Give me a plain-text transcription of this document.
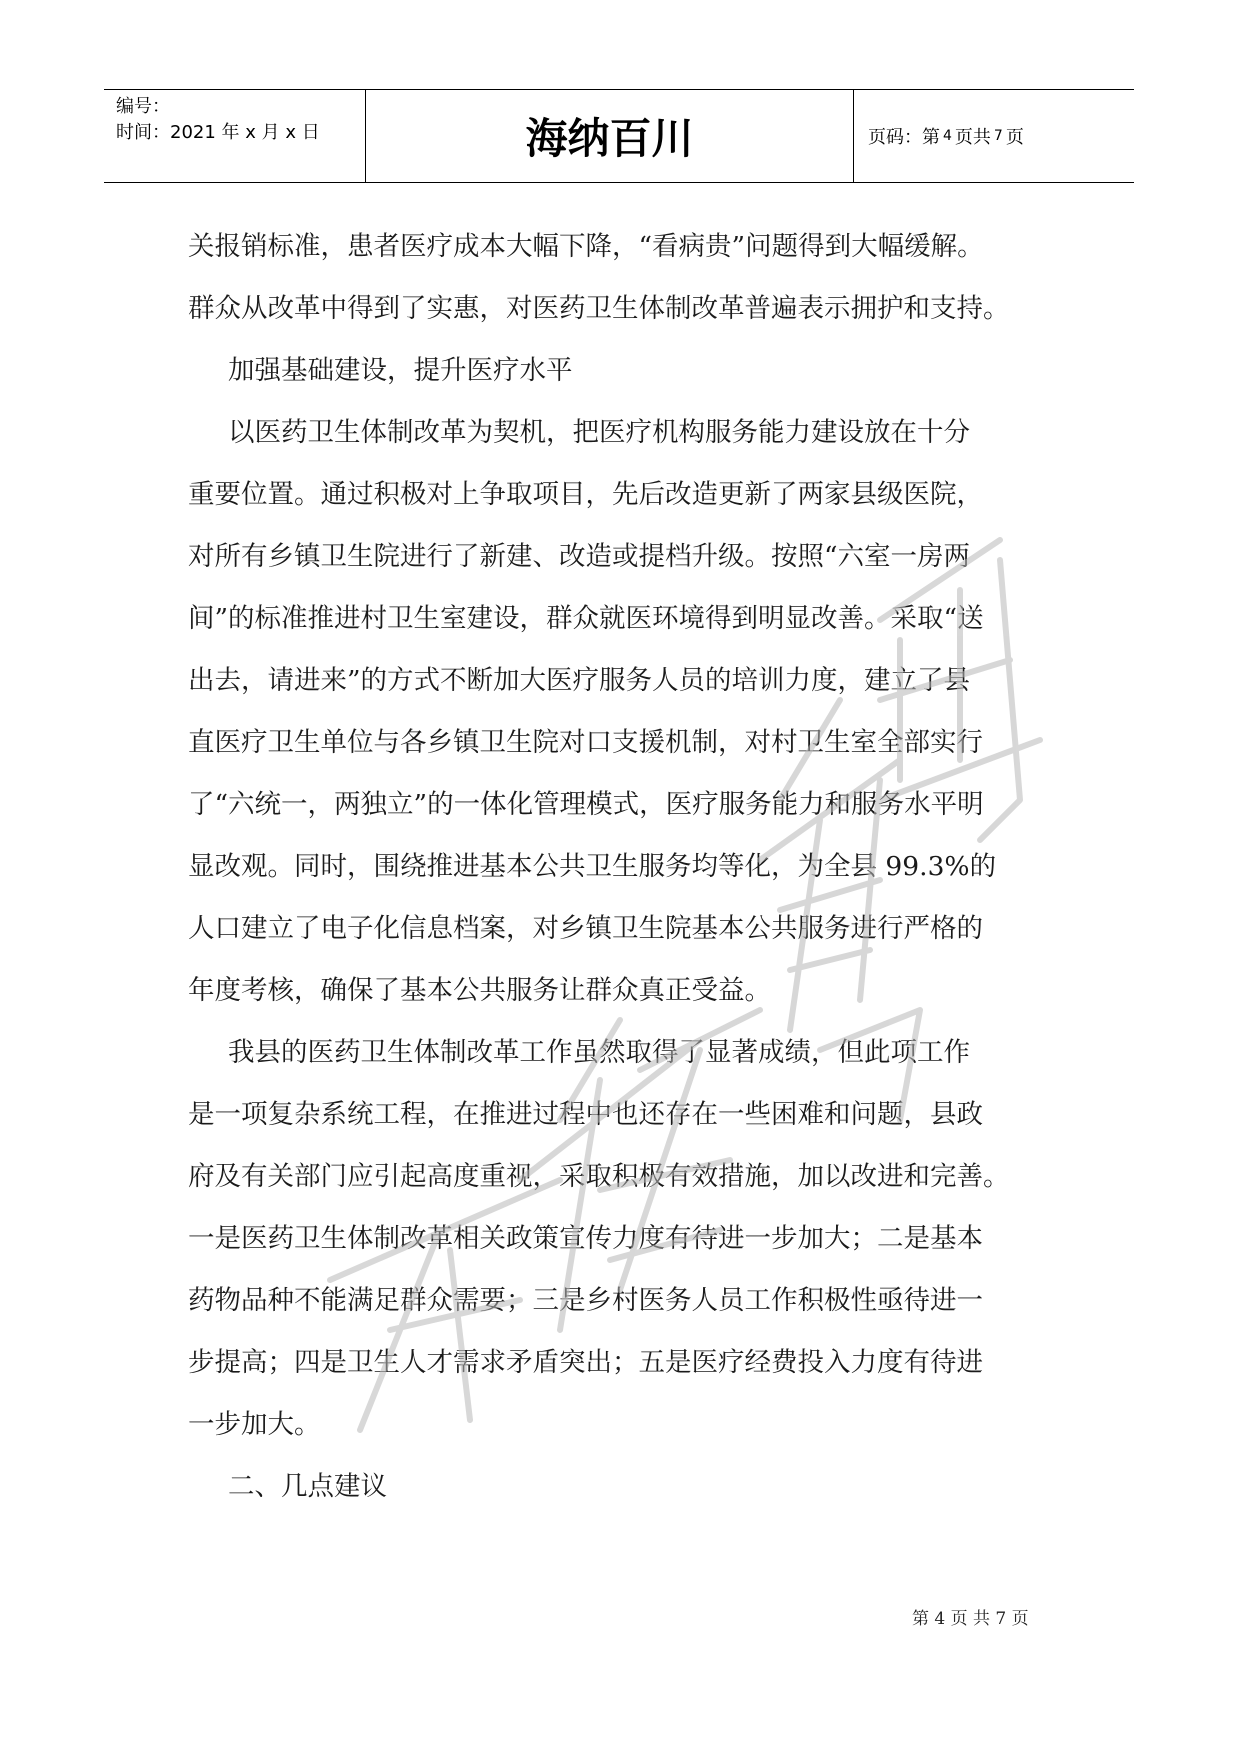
编号：
时间：2021 年 x 月 x 日	海纳百川	页码：第 4 页共 7 页

关报销标准，患者医疗成本大幅下降，“看病贵”问题得到大幅缓解。

群众从改革中得到了实惠，对医药卫生体制改革普遍表示拥护和支持。

加强基础建设，提升医疗水平

以医药卫生体制改革为契机，把医疗机构服务能力建设放在十分

重要位置。通过积极对上争取项目，先后改造更新了两家县级医院，

对所有乡镇卫生院进行了新建、改造或提档升级。按照“六室一房两

间”的标准推进村卫生室建设，群众就医环境得到明显改善。采取“送

出去，请进来”的方式不断加大医疗服务人员的培训力度，建立了县

直医疗卫生单位与各乡镇卫生院对口支援机制，对村卫生室全部实行

了“六统一，两独立”的一体化管理模式，医疗服务能力和服务水平明

显改观。同时，围绕推进基本公共卫生服务均等化，为全县 99.3%的

人口建立了电子化信息档案，对乡镇卫生院基本公共服务进行严格的

年度考核，确保了基本公共服务让群众真正受益。

我县的医药卫生体制改革工作虽然取得了显著成绩，但此项工作

是一项复杂系统工程，在推进过程中也还存在一些困难和问题，县政

府及有关部门应引起高度重视，采取积极有效措施，加以改进和完善。

一是医药卫生体制改革相关政策宣传力度有待进一步加大；二是基本

药物品种不能满足群众需要；三是乡村医务人员工作积极性亟待进一

步提高；四是卫生人才需求矛盾突出；五是医疗经费投入力度有待进

一步加大。

二、几点建议

第 4 页 共 7 页
